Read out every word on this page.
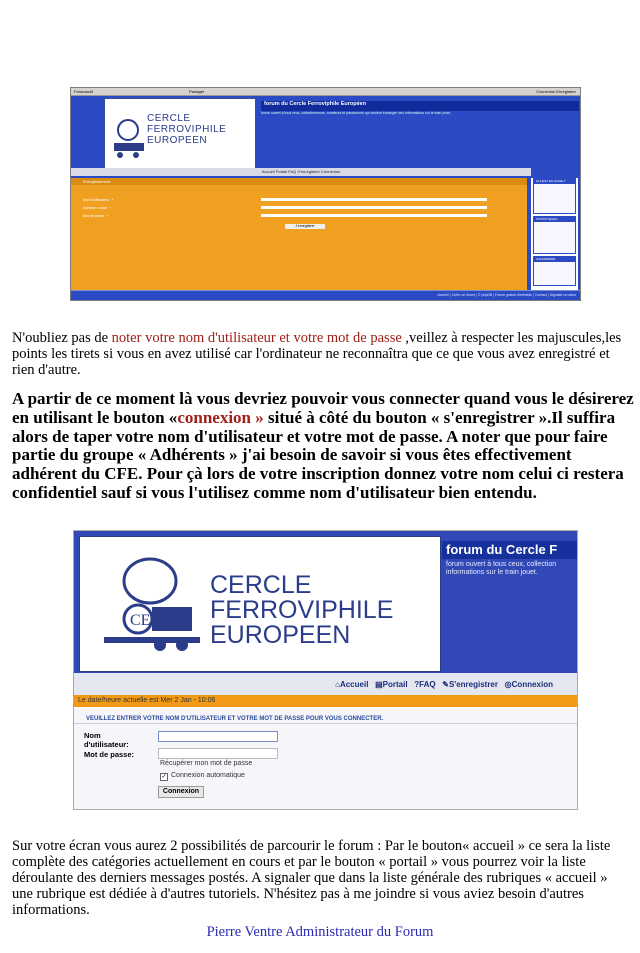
Forumactif	Partager	Connexion Enregistrer
CERCLE
FERROVIPHILE
EUROPEEN
forum du Cercle Ferroviphile Européen
forum ouvert à tous ceux, collectionneurs, amateurs et passionnés qui veulent échanger des informations sur le train jouet.
Accueil Portail FAQ S'enregistrer Connexion
Enregistrement
Nom d'utilisateur : *
Adresse e-mail : *
Mot de passe : *
J'enregistrer
QUI EST EN LIGNE ?
STATISTIQUES
CALENDRIER
Accueil | Créer un forum | © phpBB | Forum gratuit d'entraide | Contact | Signaler un abus
N'oubliez pas de noter votre nom d'utilisateur et votre mot de passe ,veillez à respecter les majuscules,les points les tirets si vous en avez utilisé car l'ordinateur ne reconnaîtra que ce que vous avez enregistré et rien d'autre.
A partir de ce moment là vous devriez pouvoir vous connecter quand vous le désirerez en utilisant le bouton «connexion » situé à côté du bouton « s'enregistrer ».Il suffira alors de taper votre nom d'utilisateur et votre mot de passe. A noter que pour faire partie du groupe « Adhérents » j'ai besoin de savoir si vous êtes effectivement adhérent du CFE. Pour çà lors de votre inscription donnez votre nom celui ci restera confidentiel sauf si vous l'utilisez comme nom d'utilisateur bien entendu.
CE
CERCLE
FERROVIPHILE
EUROPEEN
forum du Cercle F
forum ouvert à tous ceux, collection informations sur le train jouet.
⌂Accueil ▤Portail ?FAQ ✎S'enregistrer ◎Connexion
Le date/heure actuelle est Mer 2 Jan - 10:06
VEUILLEZ ENTRER VOTRE NOM D'UTILISATEUR ET VOTRE MOT DE PASSE POUR VOUS CONNECTER.
Nom d'utilisateur:
Mot de passe:
Récupérer mon mot de passe
✓ Connexion automatique
Connexion
Sur votre écran vous aurez 2 possibilités de parcourir le forum : Par le bouton« accueil » ce sera la liste complète des catégories actuellement en cours et par le bouton « portail » vous pourrez voir la liste déroulante des derniers messages postés. A signaler que dans la liste générale des rubriques « accueil » une rubrique est dédiée à d'autres tutoriels. N'hésitez pas à me joindre si vous aviez besoin d'autres informations.
Pierre Ventre Administrateur du Forum
